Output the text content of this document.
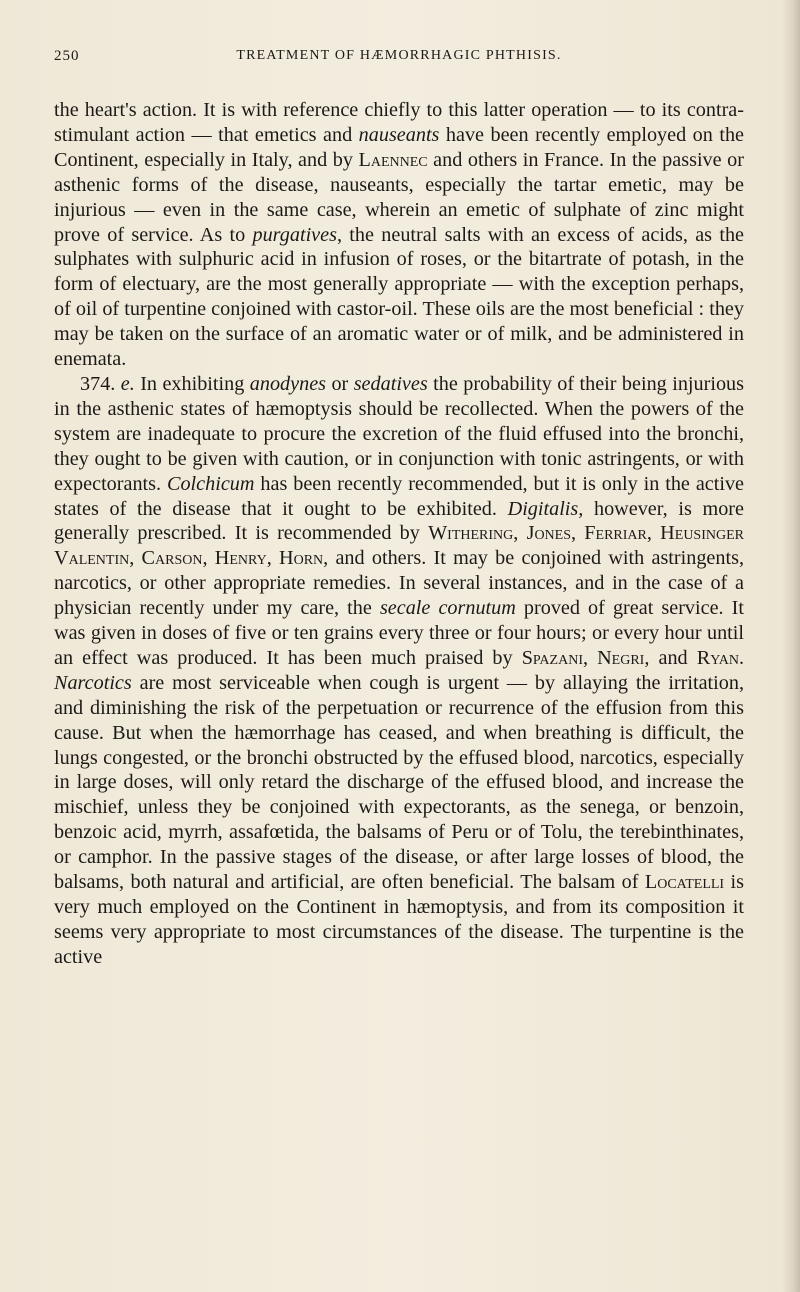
250	TREATMENT OF HÆMORRHAGIC PHTHISIS.

the heart's action. It is with reference chiefly to this latter operation — to its contra-stimulant action — that emetics and nauseants have been recently employed on the Continent, especially in Italy, and by Laennec and others in France. In the passive or asthenic forms of the disease, nauseants, especially the tartar emetic, may be injurious — even in the same case, wherein an emetic of sulphate of zinc might prove of service. As to purgatives, the neutral salts with an excess of acids, as the sulphates with sulphuric acid in infusion of roses, or the bitartrate of potash, in the form of electuary, are the most generally appropriate — with the exception perhaps, of oil of turpentine conjoined with castor-oil. These oils are the most beneficial : they may be taken on the surface of an aromatic water or of milk, and be administered in enemata.

374. e. In exhibiting anodynes or sedatives the probability of their being injurious in the asthenic states of hæmoptysis should be recollected. When the powers of the system are inadequate to procure the excretion of the fluid effused into the bronchi, they ought to be given with caution, or in conjunction with tonic astringents, or with expectorants. Colchicum has been recently recommended, but it is only in the active states of the disease that it ought to be exhibited. Digitalis, however, is more generally prescribed. It is recommended by Withering, Jones, Ferriar, Heusinger Valentin, Carson, Henry, Horn, and others. It may be conjoined with astringents, narcotics, or other appropriate remedies. In several instances, and in the case of a physician recently under my care, the secale cornutum proved of great service. It was given in doses of five or ten grains every three or four hours; or every hour until an effect was produced. It has been much praised by Spazani, Negri, and Ryan. Narcotics are most serviceable when cough is urgent — by allaying the irritation, and diminishing the risk of the perpetuation or recurrence of the effusion from this cause. But when the hæmorrhage has ceased, and when breathing is difficult, the lungs congested, or the bronchi obstructed by the effused blood, narcotics, especially in large doses, will only retard the discharge of the effused blood, and increase the mischief, unless they be conjoined with expectorants, as the senega, or benzoin, benzoic acid, myrrh, assafœtida, the balsams of Peru or of Tolu, the terebinthinates, or camphor. In the passive stages of the disease, or after large losses of blood, the balsams, both natural and artificial, are often beneficial. The balsam of Locatelli is very much employed on the Continent in hæmoptysis, and from its composition it seems very appropriate to most circumstances of the disease. The turpentine is the active
